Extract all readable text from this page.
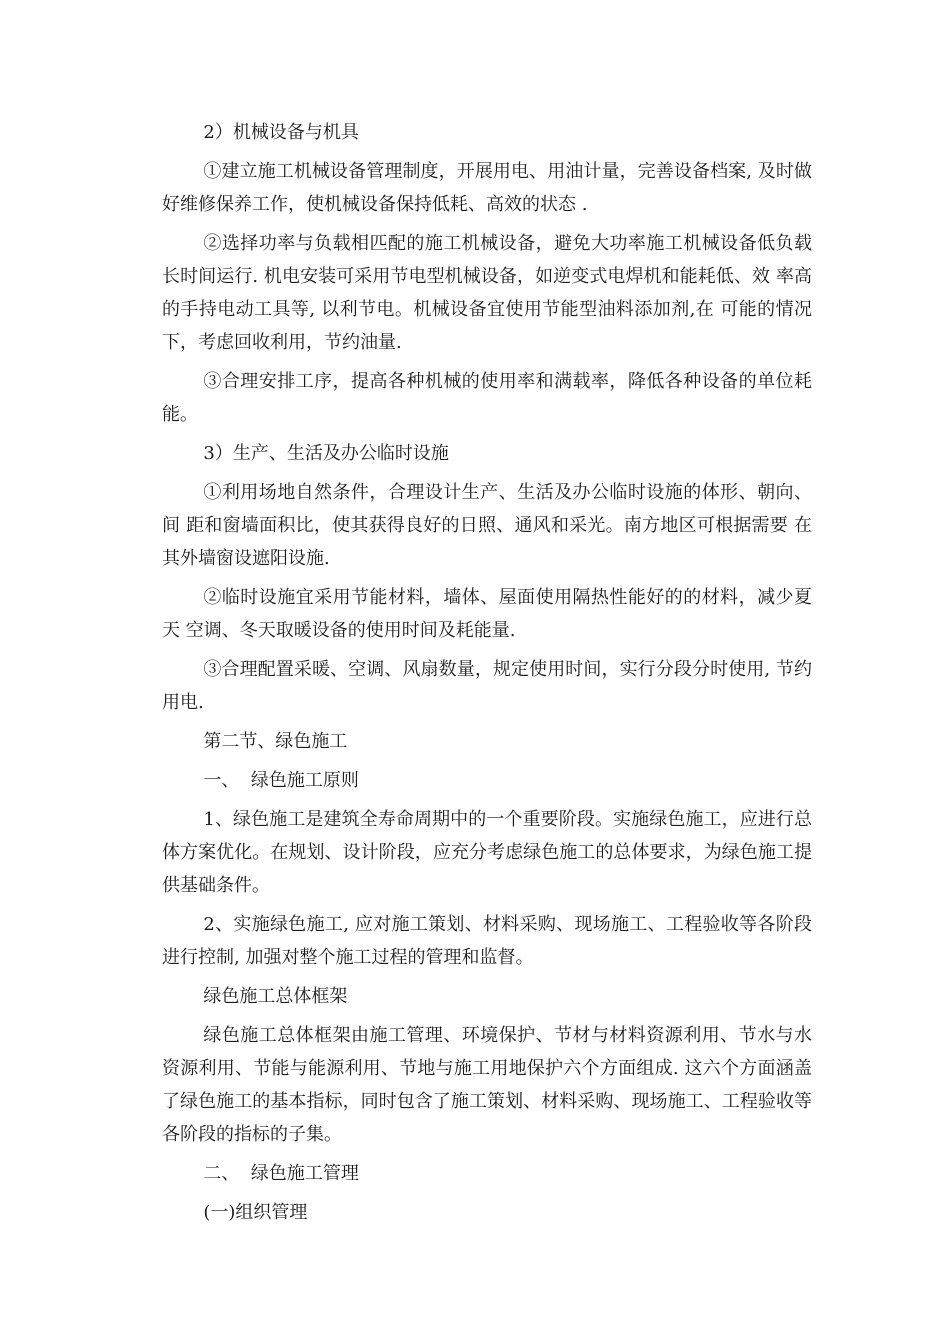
2）机械设备与机具

①建立施工机械设备管理制度，开展用电、用油计量，完善设备档案, 及时做 好维修保养工作，使机械设备保持低耗、高效的状态 .

②选择功率与负载相匹配的施工机械设备，避免大功率施工机械设备低负载长时间运行. 机电安装可采用节电型机械设备，如逆变式电焊机和能耗低、效 率高的手持电动工具等, 以利节电。机械设备宜使用节能型油料添加剂,在 可能的情况下，考虑回收利用，节约油量.

③合理安排工序，提高各种机械的使用率和满载率，降低各种设备的单位耗能。

3）生产、生活及办公临时设施

①利用场地自然条件，合理设计生产、生活及办公临时设施的体形、朝向、间 距和窗墙面积比，使其获得良好的日照、通风和采光。南方地区可根据需要 在其外墙窗设遮阳设施.

②临时设施宜采用节能材料，墙体、屋面使用隔热性能好的的材料，减少夏天 空调、冬天取暖设备的使用时间及耗能量.

③合理配置采暖、空调、风扇数量，规定使用时间，实行分段分时使用, 节约用电.

第二节、绿色施工

一、  绿色施工原则

1、绿色施工是建筑全寿命周期中的一个重要阶段。实施绿色施工，应进行总体方案优化。在规划、设计阶段，应充分考虑绿色施工的总体要求，为绿色施工提供基础条件。

2、实施绿色施工, 应对施工策划、材料采购、现场施工、工程验收等各阶段进行控制, 加强对整个施工过程的管理和监督。

绿色施工总体框架

绿色施工总体框架由施工管理、环境保护、节材与材料资源利用、节水与水资源利用、节能与能源利用、节地与施工用地保护六个方面组成. 这六个方面涵盖了绿色施工的基本指标，同时包含了施工策划、材料采购、现场施工、工程验收等各阶段的指标的子集。

二、  绿色施工管理

(一)组织管理
